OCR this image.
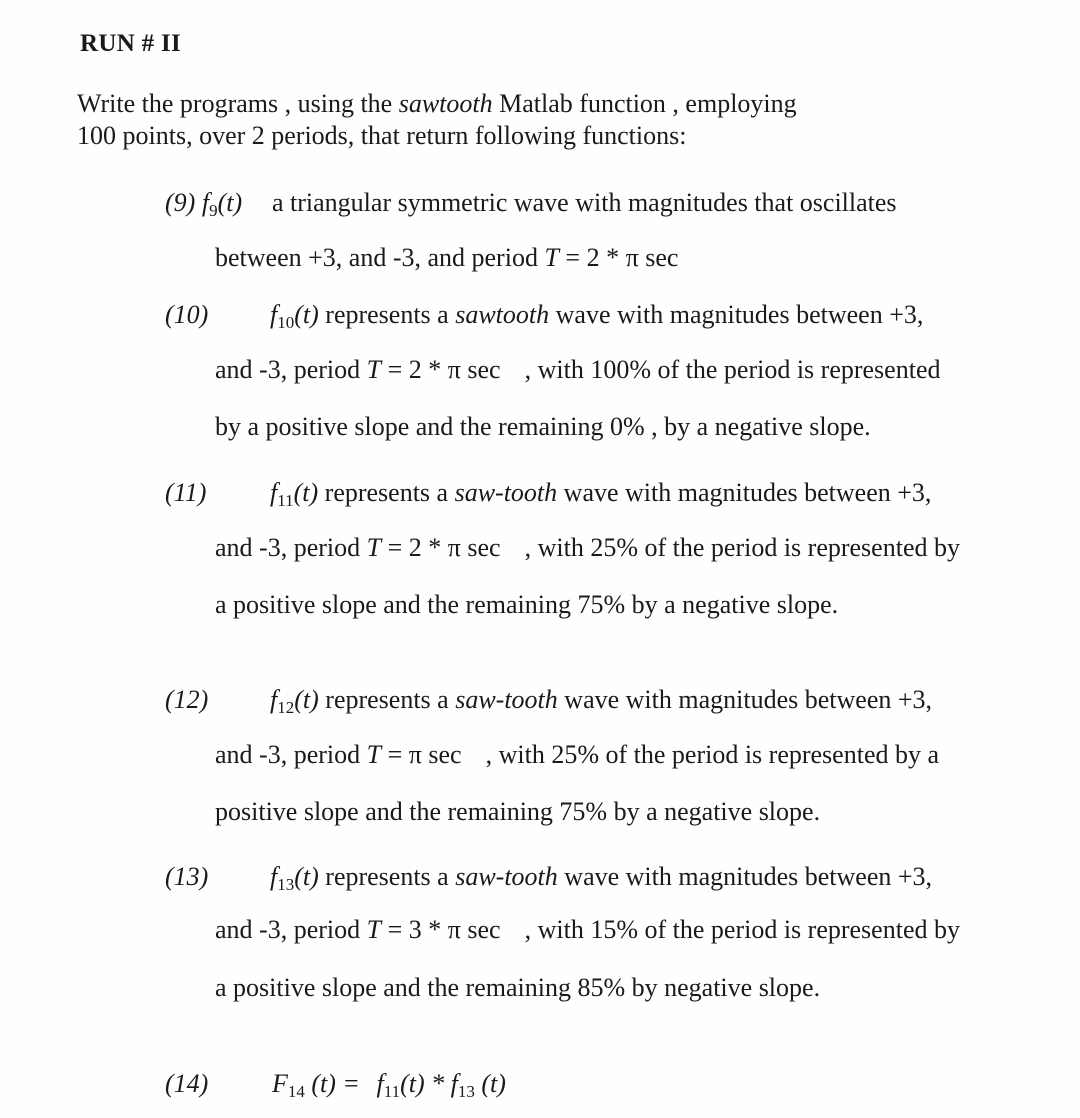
RUN # II
Write the programs , using the sawtooth Matlab function , employing
100 points, over 2 periods, that return following functions:
(9) $f_9(t)$ a triangular symmetric wave with magnitudes that oscillates
between +3, and -3, and period T = 2 * π sec
(10) $f_{10}(t)$ represents a sawtooth wave with magnitudes between +3,
and -3, period T = 2 * π sec , with 100% of the period is represented
by a positive slope and the remaining 0% , by a negative slope.
(11) $f_{11}(t)$ represents a saw-tooth wave with magnitudes between +3,
and -3, period T = 2 * π sec , with 25% of the period is represented by
a positive slope and the remaining 75% by a negative slope.
(12) $f_{12}(t)$ represents a saw-tooth wave with magnitudes between +3,
and -3, period T = π sec , with 25% of the period is represented by a
positive slope and the remaining 75% by a negative slope.
(13) $f_{13}(t)$ represents a saw-tooth wave with magnitudes between +3,
and -3, period T = 3 * π sec , with 15% of the period is represented by
a positive slope and the remaining 85% by negative slope.
(14) $F_{14}$ $(t) = f_{11}(t) * f_{13}$ (t)
